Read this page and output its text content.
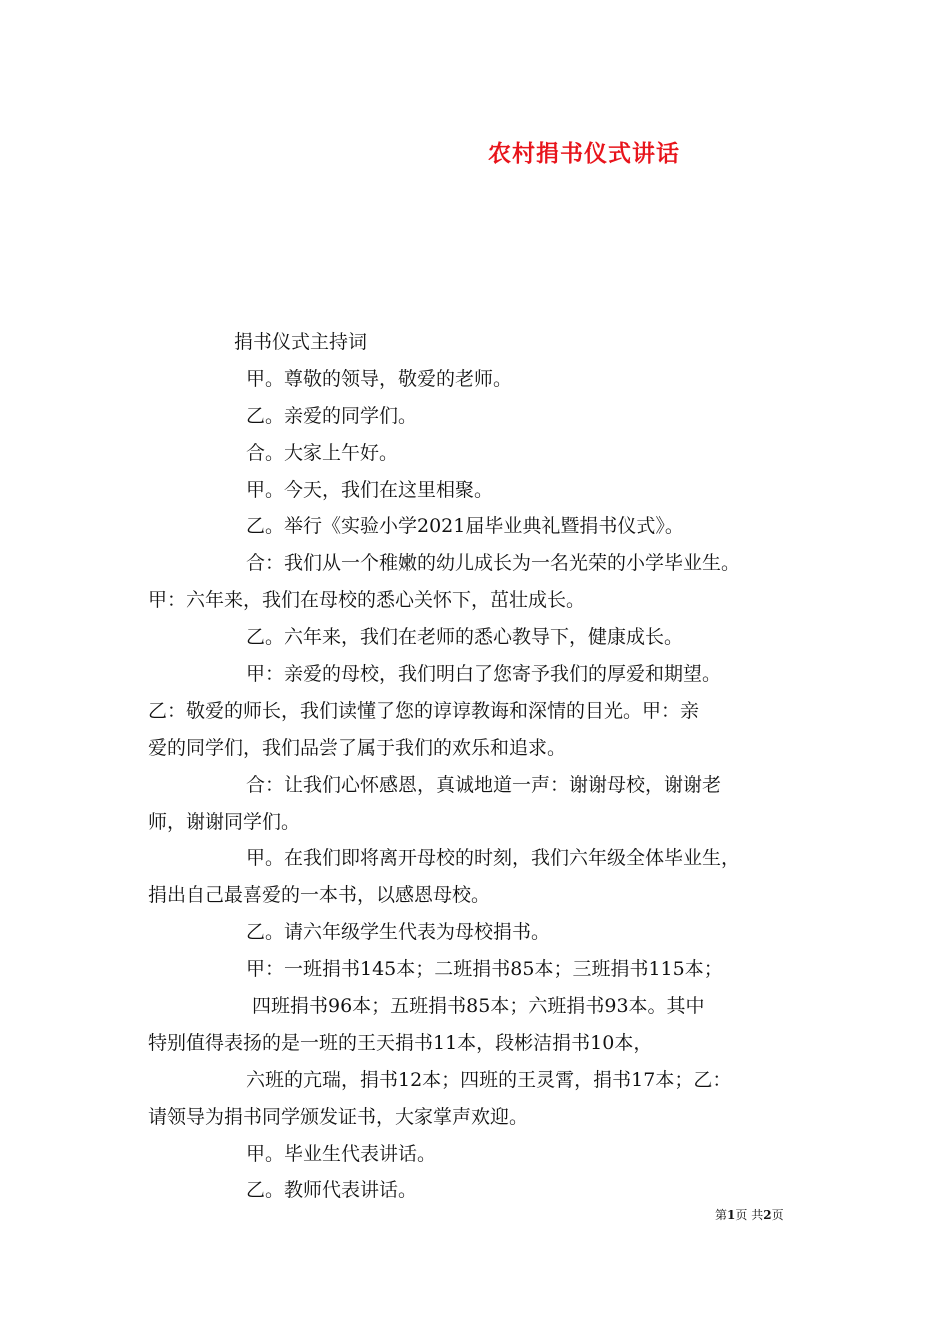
农村捐书仪式讲话
捐书仪式主持词
甲。尊敬的领导，敬爱的老师。
乙。亲爱的同学们。
合。大家上午好。
甲。今天，我们在这里相聚。
乙。举行《实验小学2021届毕业典礼暨捐书仪式》。
合：我们从一个稚嫩的幼儿成长为一名光荣的小学毕业生。
甲：六年来，我们在母校的悉心关怀下，茁壮成长。
乙。六年来，我们在老师的悉心教导下，健康成长。
甲：亲爱的母校，我们明白了您寄予我们的厚爱和期望。
乙：敬爱的师长，我们读懂了您的谆谆教诲和深情的目光。甲：亲
爱的同学们，我们品尝了属于我们的欢乐和追求。
合：让我们心怀感恩，真诚地道一声：谢谢母校，谢谢老
师，谢谢同学们。
甲。在我们即将离开母校的时刻，我们六年级全体毕业生，
捐出自己最喜爱的一本书，以感恩母校。
乙。请六年级学生代表为母校捐书。
甲：一班捐书145本；二班捐书85本；三班捐书115本；
四班捐书96本；五班捐书85本；六班捐书93本。其中
特别值得表扬的是一班的王天捐书11本，段彬洁捐书10本，
六班的亢瑞，捐书12本；四班的王灵霄，捐书17本；乙：
请领导为捐书同学颁发证书，大家掌声欢迎。
甲。毕业生代表讲话。
乙。教师代表讲话。
第1页 共2页
